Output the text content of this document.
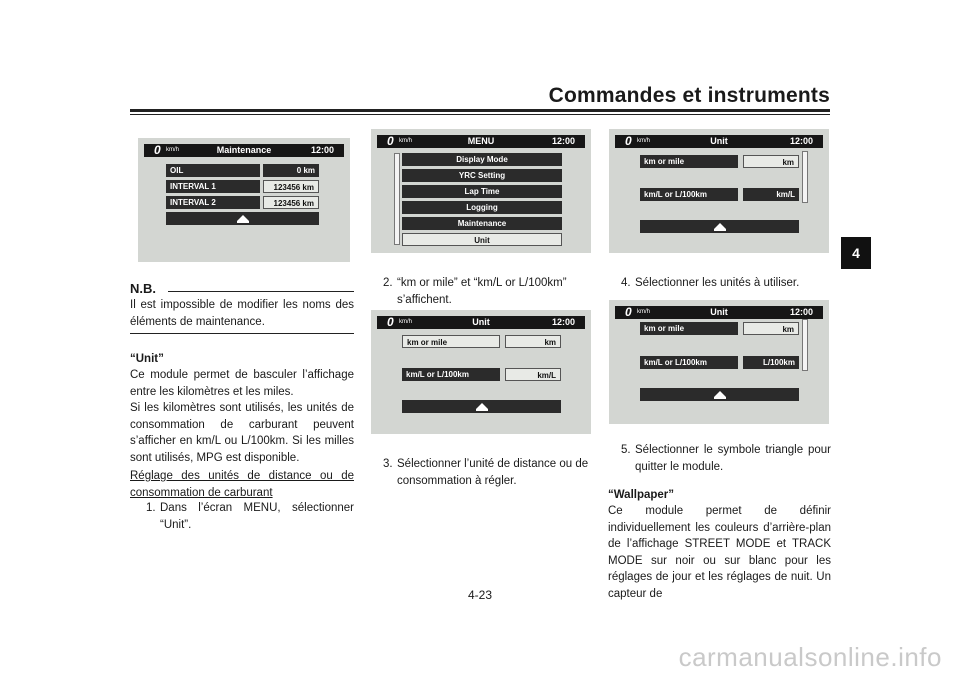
Commandes et instruments
4
0 km/h	Maintenance	12:00
OIL	0 km
INTERVAL 1	123456 km
INTERVAL 2	123456 km
0 km/h	MENU	12:00
Display Mode
YRC Setting
Lap Time
Logging
Maintenance
Unit
0 km/h	Unit	12:00
km or mile	km
km/L or L/100km	km/L
0 km/h	Unit	12:00
km or mile	km
km/L or L/100km	km/L
0 km/h	Unit	12:00
km or mile	km
km/L or L/100km	L/100km
N.B.
Il est impossible de modifier les noms des éléments de maintenance.
“Unit”
Ce module permet de basculer l’affichage entre les kilomètres et les miles.
Si les kilomètres sont utilisés, les unités de consommation de carburant peuvent s’afficher en km/L ou L/100km. Si les milles sont utilisés, MPG est disponible.
Réglage des unités de distance ou de consommation de carburant
1. Dans l’écran MENU, sélectionner “Unit”.
2. “km or mile” et “km/L or L/100km” s’affichent.
3. Sélectionner l’unité de distance ou de consommation à régler.
4. Sélectionner les unités à utiliser.
5. Sélectionner le symbole triangle pour quitter le module.
“Wallpaper”
Ce module permet de définir individuellement les couleurs d’arrière-plan de l’affichage STREET MODE et TRACK MODE sur noir ou sur blanc pour les réglages de jour et les réglages de nuit. Un capteur de
4-23
carmanualsonline.info
